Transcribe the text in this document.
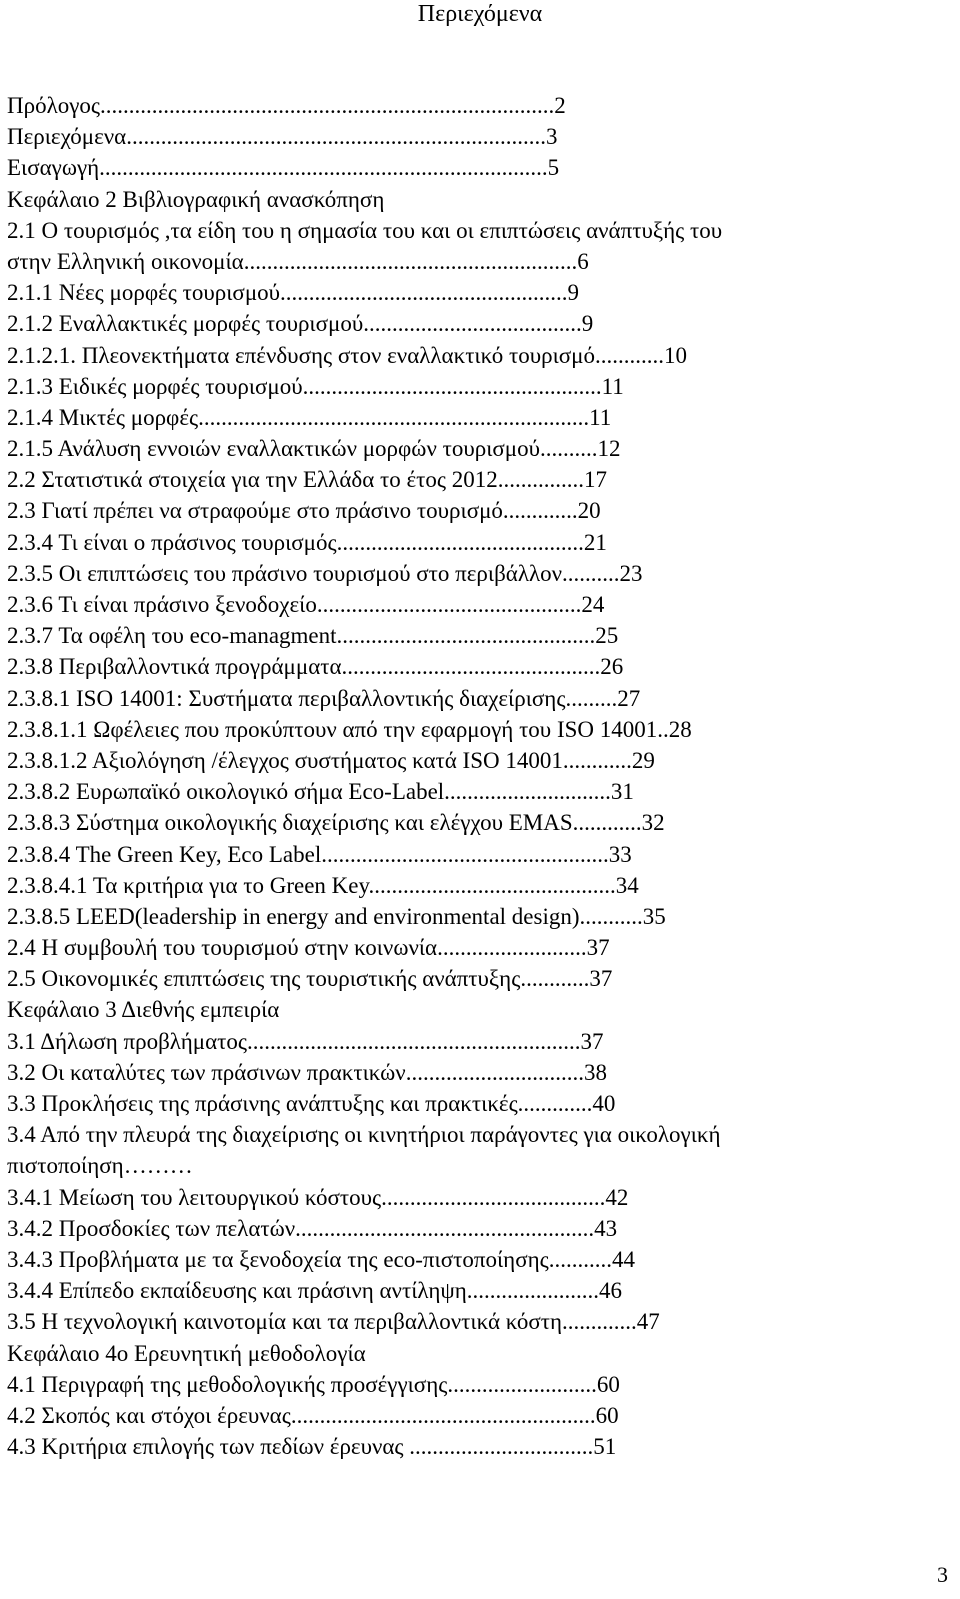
Περιεχόμενα
Πρόλογος...............................................................................2
Περιεχόμενα.........................................................................3
Εισαγωγή..............................................................................5
Κεφάλαιο 2 Βιβλιογραφική ανασκόπηση
2.1 Ο τουρισμός ,τα είδη του η σημασία του και οι επιπτώσεις ανάπτυξής του
στην Ελληνική οικονομία..........................................................6
2.1.1 Νέες μορφές τουρισμού..................................................9
2.1.2 Εναλλακτικές μορφές τουρισμού......................................9
2.1.2.1. Πλεονεκτήματα επένδυσης στον εναλλακτικό τουρισμό............10
2.1.3 Ειδικές μορφές τουρισμού....................................................11
2.1.4 Μικτές μορφές....................................................................11
2.1.5 Ανάλυση εννοιών εναλλακτικών μορφών τουρισμού..........12
2.2 Στατιστικά στοιχεία για την Ελλάδα το έτος 2012...............17
2.3 Γιατί πρέπει να στραφούμε στο πράσινο τουρισμό.............20
2.3.4 Τι είναι ο πράσινος τουρισμός...........................................21
2.3.5 Οι επιπτώσεις του πράσινο τουρισμού στο περιβάλλον..........23
2.3.6 Τι είναι πράσινο ξενοδοχείο..............................................24
2.3.7 Τα οφέλη του eco-managment.............................................25
2.3.8 Περιβαλλοντικά προγράμματα.............................................26
2.3.8.1 ISO 14001: Συστήματα περιβαλλοντικής διαχείρισης.........27
2.3.8.1.1 Ωφέλειες που προκύπτουν από την εφαρμογή του ISO 14001..28
2.3.8.1.2 Αξιολόγηση /έλεγχος συστήματος κατά ISO 14001............29
2.3.8.2 Ευρωπαϊκό οικολογικό σήμα Eco-Label.............................31
2.3.8.3 Σύστημα οικολογικής διαχείρισης και ελέγχου EMAS............32
2.3.8.4 The Green Key, Eco Label..................................................33
2.3.8.4.1 Τα κριτήρια για το Green Key...........................................34
2.3.8.5 LEED(leadership in energy and environmental design)...........35
2.4 Η συμβουλή του τουρισμού στην κοινωνία..........................37
2.5 Οικονομικές επιπτώσεις της τουριστικής ανάπτυξης............37
Κεφάλαιο 3 Διεθνής εμπειρία
3.1 Δήλωση προβλήματος..........................................................37
3.2 Οι καταλύτες των πράσινων πρακτικών...............................38
3.3 Προκλήσεις της πράσινης ανάπτυξης και πρακτικές.............40
3.4 Από την πλευρά της διαχείρισης οι κινητήριοι παράγοντες για οικολογική
πιστοποίηση………
3.4.1 Μείωση του λειτουργικού κόστους.......................................42
3.4.2 Προσδοκίες των πελατών....................................................43
3.4.3 Προβλήματα με τα ξενοδοχεία της eco-πιστοποίησης...........44
3.4.4 Επίπεδο εκπαίδευσης και πράσινη αντίληψη.......................46
3.5 Η τεχνολογική καινοτομία και τα περιβαλλοντικά κόστη.............47
Κεφάλαιο 4ο Ερευνητική μεθοδολογία
4.1 Περιγραφή της μεθοδολογικής προσέγγισης..........................60
4.2 Σκοπός και στόχοι έρευνας.....................................................60
4.3 Κριτήρια επιλογής των πεδίων έρευνας ................................51
3
